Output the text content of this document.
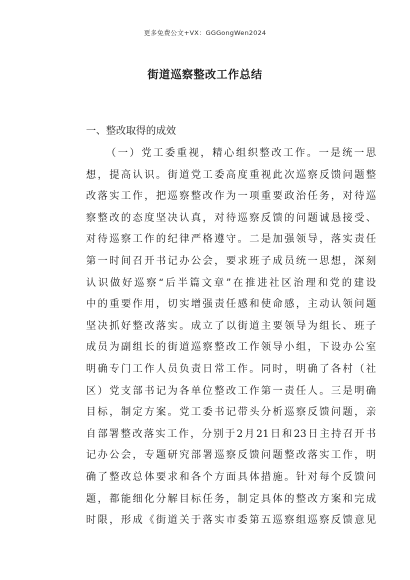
更多免费公文+VX：GGGongWen2024
街道巡察整改工作总结
一、整改取得的成效
（一）党工委重视，精心组织整改工作。一是统一思
想，提高认识。街道党工委高度重视此次巡察反馈问题整
改落实工作，把巡察整改作为一项重要政治任务，对待巡
察整改的态度坚决认真，对待巡察反馈的问题诚恳接受、
对待巡察工作的纪律严格遵守。二是加强领导，落实责任
第一时间召开书记办公会，要求班子成员统一思想，深刻
认识做好巡察“后半篇文章”在推进社区治理和党的建设
中的重要作用，切实增强责任感和使命感，主动认领问题
坚决抓好整改落实。成立了以街道主要领导为组长、班子
成员为副组长的街道巡察整改工作领导小组，下设办公室
明确专门工作人员负责日常工作。同时，明确了各村（社
区）党支部书记为各单位整改工作第一责任人。三是明确
目标，制定方案。党工委书记带头分析巡察反馈问题，亲
自部署整改落实工作，分别于2月21日和23日主持召开书
记办公会，专题研究部署巡察反馈问题整改落实工作，明
确了整改总体要求和各个方面具体措施。针对每个反馈问
题，都能细化分解目标任务，制定具体的整改方案和完成
时限，形成《街道关于落实市委第五巡察组巡察反馈意见
